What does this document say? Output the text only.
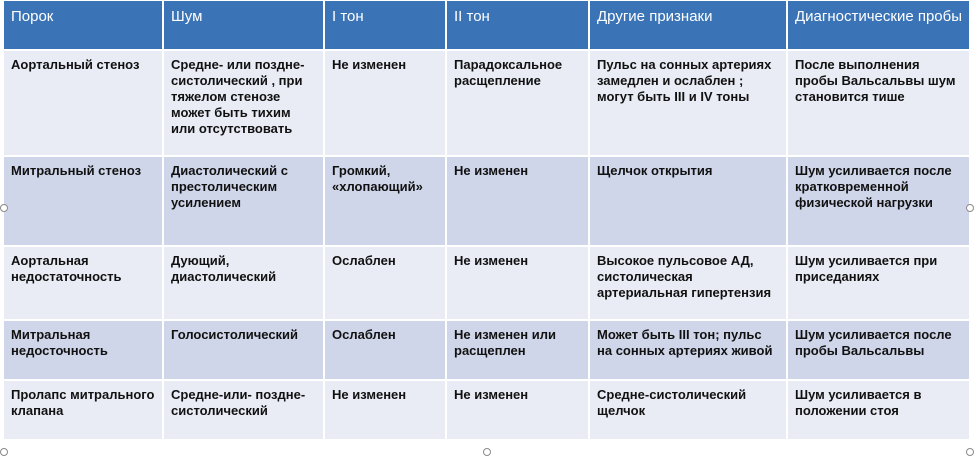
Порок	Шум	I тон	II тон	Другие признаки	Диагностические пробы
Аортальный стеноз	Средне- или позднесистолический , при тяжелом стенозе может быть тихим или отсутствовать	Не изменен	Парадоксальное расщепление	Пульс на сонных артериях замедлен и ослаблен ; могут быть III и IV тоны	После выполнения пробы Вальсальвы шум становится тише
Митральный стеноз	Диастолический с престолическим усилением	Громкий, «хлопающий»	Не изменен	Щелчок открытия	Шум усиливается после кратковременной физической нагрузки
Аортальная недостаточность	Дующий, диастолический	Ослаблен	Не изменен	Высокое пульсовое АД, систолическая артериальная гипертензия	Шум усиливается при приседаниях
Митральная недосточность	Голосистолический	Ослаблен	Не изменен или расщеплен	Может быть III тон; пульс на сонных артериях живой	Шум усиливается после пробы Вальсальвы
Пролапс митрального клапана	Средне-или- позднесистолический	Не изменен	Не изменен	Средне-систолический щелчок	Шум усиливается в положении стоя
